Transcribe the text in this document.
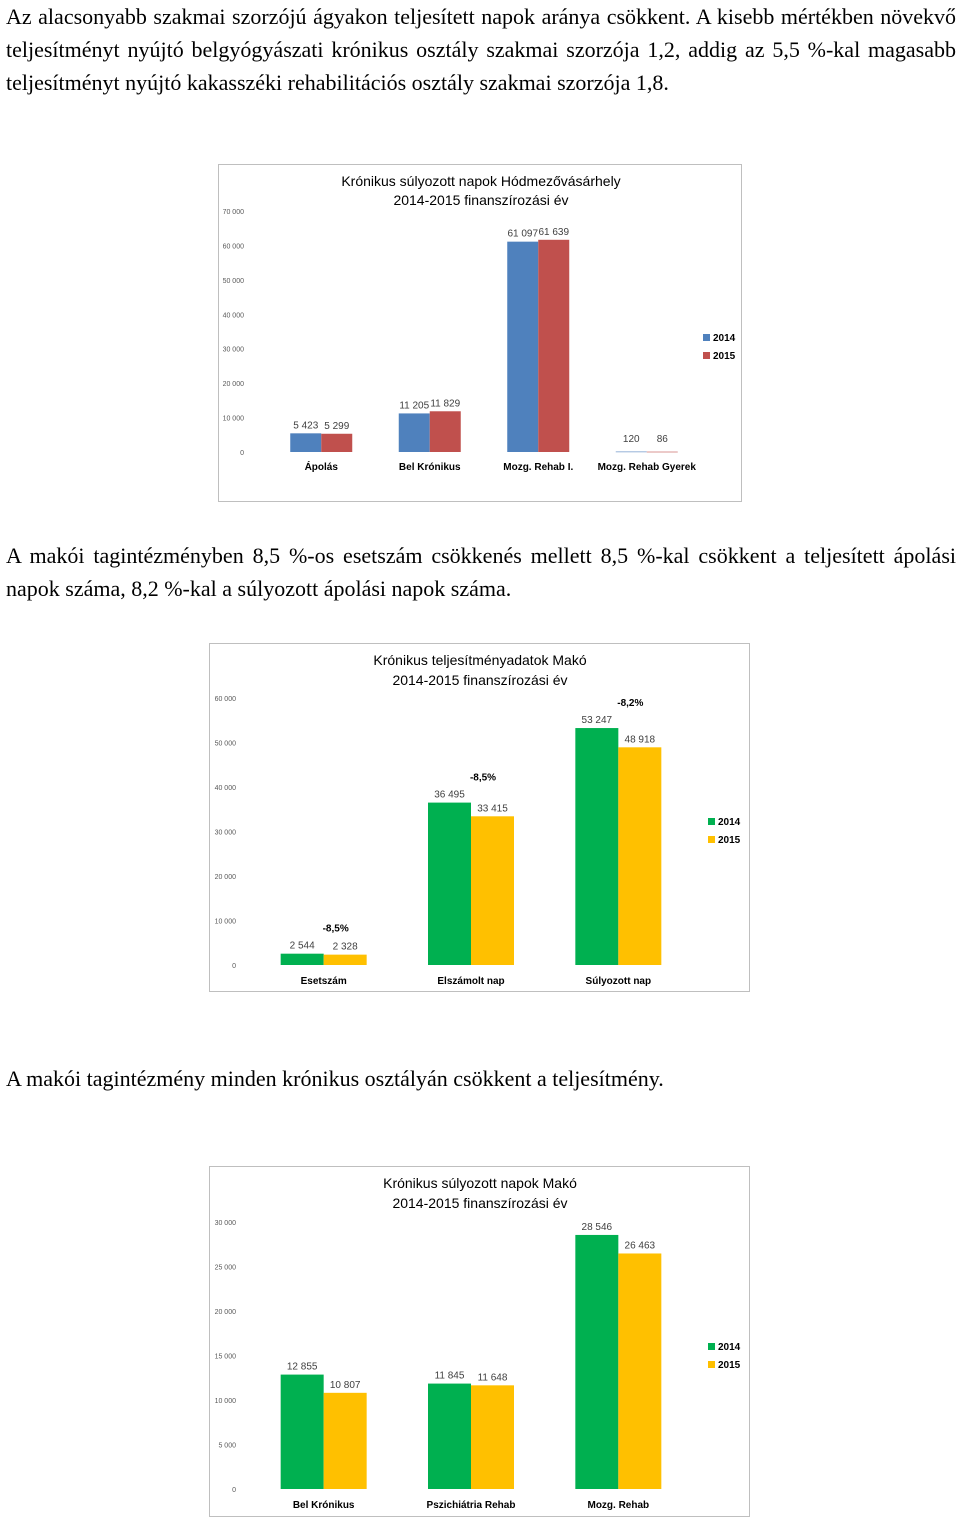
Az alacsonyabb szakmai szorzójú ágyakon teljesített napok aránya csökkent. A kisebb mértékben növekvő teljesítményt nyújtó belgyógyászati krónikus osztály szakmai szorzója 1,2, addig az 5,5 %-kal magasabb teljesítményt nyújtó kakasszéki rehabilitációs osztály szakmai szorzója 1,8.

Krónikus súlyozott napok Hódmezővásárhely
2014-2015 finanszírozási év
0
10 000
20 000
30 000
40 000
50 000
60 000
70 000
5 423 5 299
Ápolás
11 205 11 829
Bel Krónikus
61 097 61 639
Mozg. Rehab I.
120 86
Mozg. Rehab Gyerek
2014
2015

A makói tagintézményben 8,5 %-os esetszám csökkenés mellett 8,5 %-kal csökkent a teljesített ápolási napok száma, 8,2 %-kal a súlyozott ápolási napok száma.

Krónikus teljesítményadatok Makó
2014-2015 finanszírozási év
0
10 000
20 000
30 000
40 000
50 000
60 000
2 544 2 328
-8,5%
Esetszám
36 495
33 415
-8,5%
Elszámolt nap
53 247
48 918
-8,2%
Súlyozott nap
2014
2015

A makói tagintézmény minden krónikus osztályán csökkent a teljesítmény.

Krónikus súlyozott napok Makó
2014-2015 finanszírozási év
0
5 000
10 000
15 000
20 000
25 000
30 000
12 855
10 807
Bel Krónikus
11 845 11 648
Pszichiátria Rehab
28 546
26 463
Mozg. Rehab
2014
2015
